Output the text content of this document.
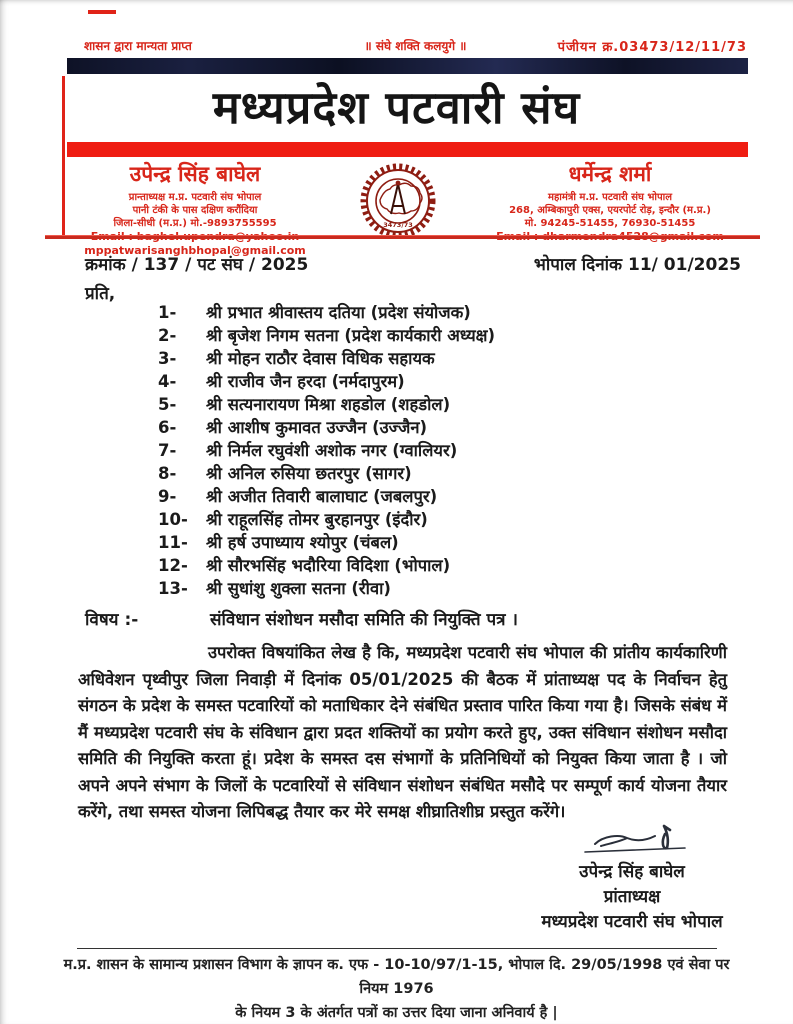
शासन द्वारा मान्यता प्राप्त	॥ संघे शक्ति कलयुगे ॥	पंजीयन क्र.03473/12/11/73
मध्यप्रदेश पटवारी संघ
उपेन्द्र सिंह बाघेल
प्रान्ताध्यक्ष म.प्र. पटवारी संघ भोपाल
पानी टंकी के पास दक्षिण करौंदिया
जिला-सीधी (म.प्र.) मो.-9893755595
mppatwarisanghbhopal@gmail.com
3473/73
धर्मेन्द्र शर्मा
महामंत्री म.प्र. पटवारी संघ भोपाल
268, अम्बिकापुरी एक्स, एयरपोर्ट रोड़, इन्दौर (म.प्र.)
मो. 94245-51455, 76930-51455
क्रमांक / 137 / पट संघ / 2025	भोपाल दिनांक 11/ 01/2025
प्रति,
1-	श्री प्रभात श्रीवास्तय दतिया (प्रदेश संयोजक)
2-	श्री बृजेश निगम सतना (प्रदेश कार्यकारी अध्यक्ष)
3-	श्री मोहन राठौर देवास विधिक सहायक
4-	श्री राजीव जैन हरदा (नर्मदापुरम)
5-	श्री सत्यनारायण मिश्रा शहडोल (शहडोल)
6-	श्री आशीष कुमावत उज्जैन (उज्जैन)
7-	श्री निर्मल रघुवंशी अशोक नगर (ग्वालियर)
8-	श्री अनिल रुसिया छतरपुर (सागर)
9-	श्री अजीत तिवारी बालाघाट (जबलपुर)
10-	श्री राहूलसिंह तोमर बुरहानपुर (इंदौर)
11-	श्री हर्ष उपाध्याय श्योपुर (चंबल)
12-	श्री सौरभसिंह भदौरिया विदिशा (भोपाल)
13-	श्री सुधांशु शुक्ला सतना (रीवा)
विषय :-	संविधान संशोधन मसौदा समिति की नियुक्ति पत्र ।
उपरोक्त विषयांकित लेख है कि, मध्यप्रदेश पटवारी संघ भोपाल की प्रांतीय कार्यकारिणी अधिवेशन पृथ्वीपुर जिला निवाड़ी में दिनांक 05/01/2025 की बैठक में प्रांताध्यक्ष पद के निर्वाचन हेतु संगठन के प्रदेश के समस्त पटवारियों को मताधिकार देने संबंधित प्रस्ताव पारित किया गया है। जिसके संबंध में मैं मध्यप्रदेश पटवारी संघ के संविधान द्वारा प्रदत शक्तियों का प्रयोग करते हुए, उक्त संविधान संशोधन मसौदा समिति की नियुक्ति करता हूं। प्रदेश के समस्त दस संभागों के प्रतिनिधियों को नियुक्त किया जाता है । जो अपने अपने संभाग के जिलों के पटवारियों से संविधान संशोधन संबंधित मसौदे पर सम्पूर्ण कार्य योजना तैयार करेंगे, तथा समस्त योजना लिपिबद्ध तैयार कर मेरे समक्ष शीघ्रातिशीघ्र प्रस्तुत करेंगे।
उपेन्द्र सिंह बाघेल
प्रांताध्यक्ष
मध्यप्रदेश पटवारी संघ भोपाल
म.प्र. शासन के सामान्य प्रशासन विभाग के ज्ञापन क. एफ - 10-10/97/1-15, भोपाल दि. 29/05/1998 एवं सेवा पर नियम 1976
के नियम 3 के अंतर्गत पत्रों का उत्तर दिया जाना अनिवार्य है |
